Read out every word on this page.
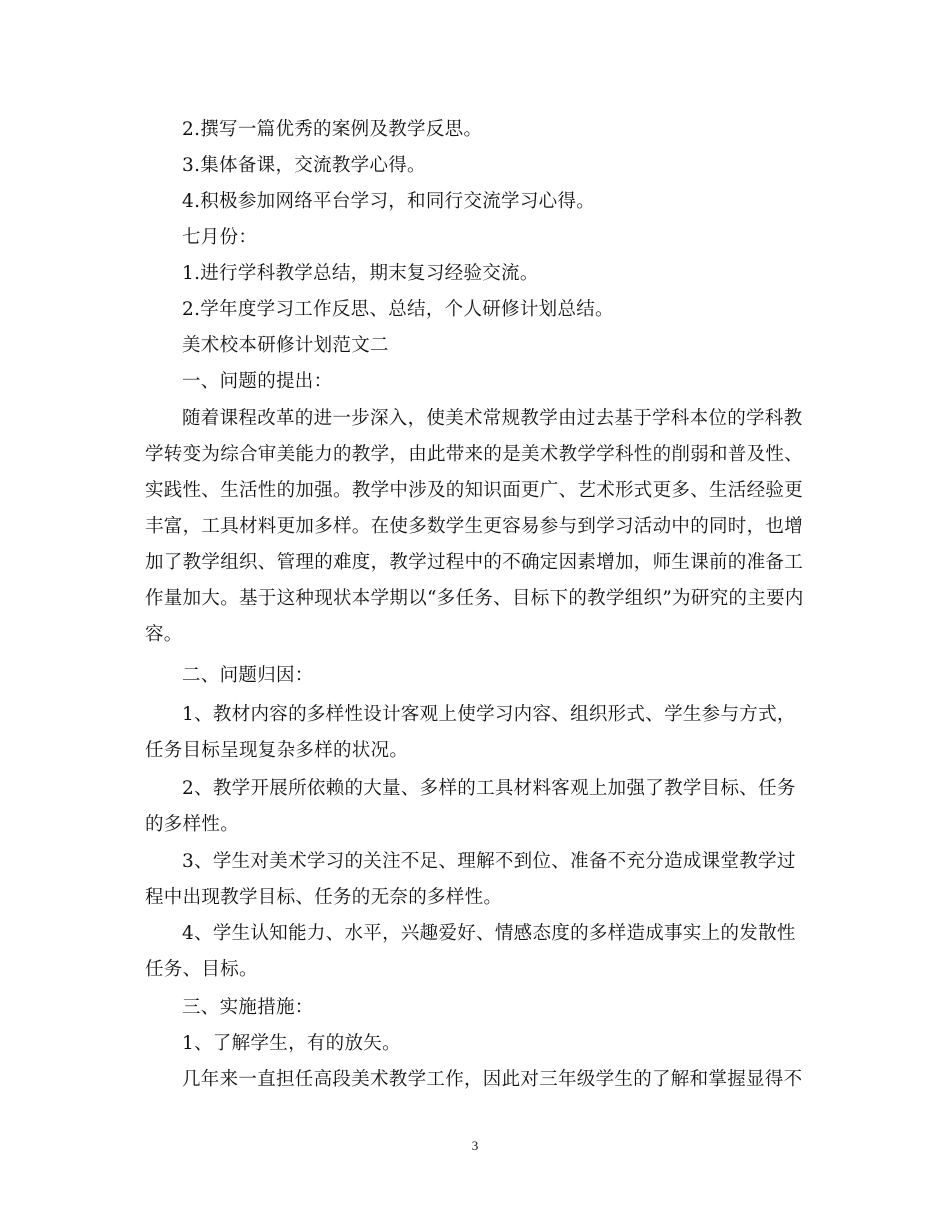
2.撰写一篇优秀的案例及教学反思。
3.集体备课，交流教学心得。
4.积极参加网络平台学习，和同行交流学习心得。
七月份：
1.进行学科教学总结，期末复习经验交流。
2.学年度学习工作反思、总结，个人研修计划总结。
美术校本研修计划范文二
一、问题的提出：
随着课程改革的进一步深入，使美术常规教学由过去基于学科本位的学科教
学转变为综合审美能力的教学，由此带来的是美术教学学科性的削弱和普及性、
实践性、生活性的加强。教学中涉及的知识面更广、艺术形式更多、生活经验更
丰富，工具材料更加多样。在使多数学生更容易参与到学习活动中的同时，也增
加了教学组织、管理的难度，教学过程中的不确定因素增加，师生课前的准备工
作量加大。基于这种现状本学期以“多任务、目标下的教学组织”为研究的主要内
容。
二、问题归因：
1、教材内容的多样性设计客观上使学习内容、组织形式、学生参与方式，
任务目标呈现复杂多样的状况。
2、教学开展所依赖的大量、多样的工具材料客观上加强了教学目标、任务
的多样性。
3、学生对美术学习的关注不足、理解不到位、准备不充分造成课堂教学过
程中出现教学目标、任务的无奈的多样性。
4、学生认知能力、水平，兴趣爱好、情感态度的多样造成事实上的发散性
任务、目标。
三、实施措施：
1、了解学生，有的放矢。
几年来一直担任高段美术教学工作，因此对三年级学生的了解和掌握显得不
3
